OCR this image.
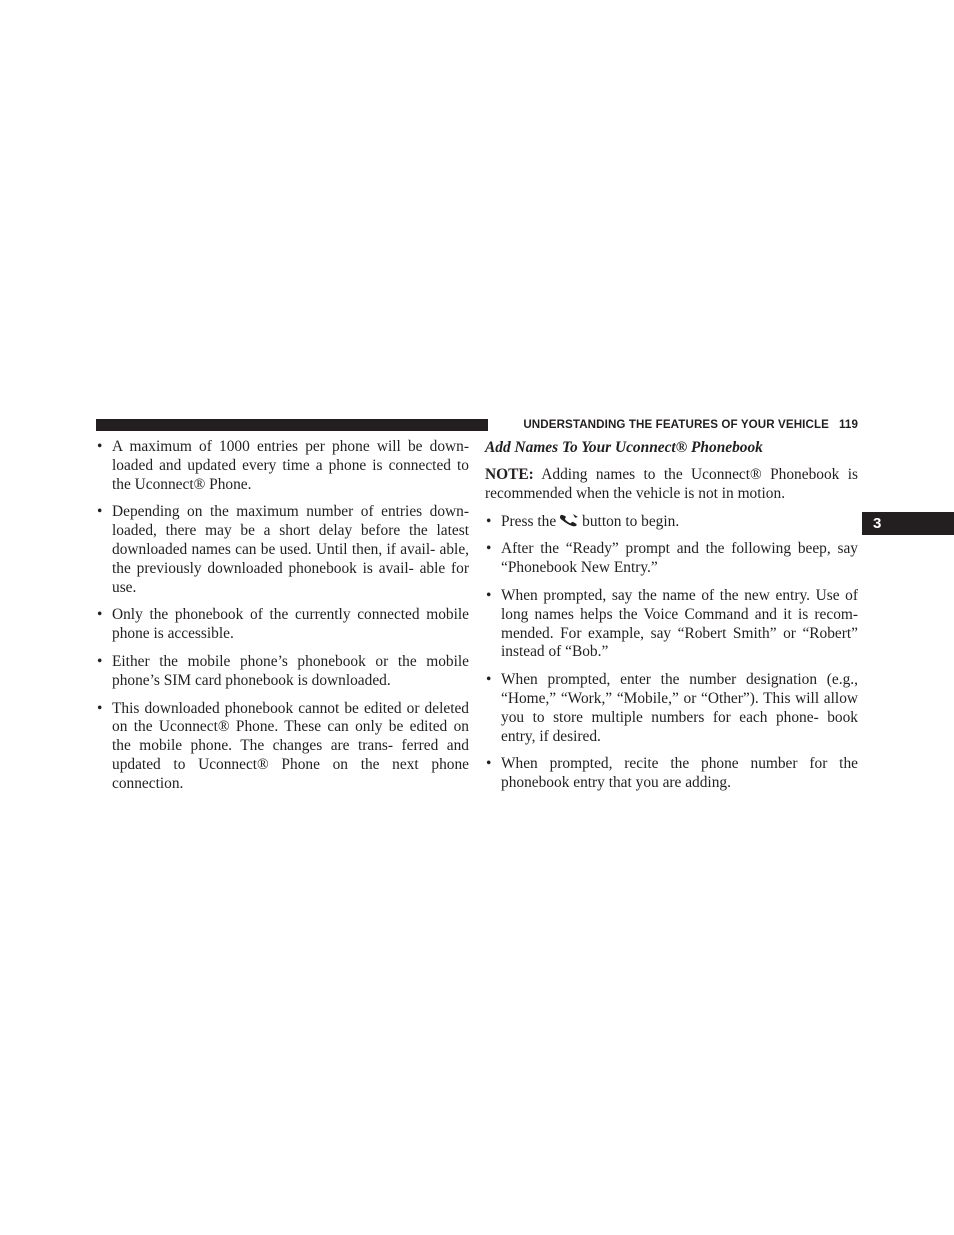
UNDERSTANDING THE FEATURES OF YOUR VEHICLE 119
3
• A maximum of 1000 entries per phone will be down- loaded and updated every time a phone is connected to the Uconnect® Phone.
• Depending on the maximum number of entries down- loaded, there may be a short delay before the latest downloaded names can be used. Until then, if avail- able, the previously downloaded phonebook is avail- able for use.
• Only the phonebook of the currently connected mobile phone is accessible.
• Either the mobile phone’s phonebook or the mobile phone’s SIM card phonebook is downloaded.
• This downloaded phonebook cannot be edited or deleted on the Uconnect® Phone. These can only be edited on the mobile phone. The changes are trans- ferred and updated to Uconnect® Phone on the next phone connection.
Add Names To Your Uconnect® Phonebook
NOTE: Adding names to the Uconnect® Phonebook is recommended when the vehicle is not in motion.
• Press the button to begin.
• After the “Ready” prompt and the following beep, say “Phonebook New Entry.”
• When prompted, say the name of the new entry. Use of long names helps the Voice Command and it is recom- mended. For example, say “Robert Smith” or “Robert” instead of “Bob.”
• When prompted, enter the number designation (e.g., “Home,” “Work,” “Mobile,” or “Other”). This will allow you to store multiple numbers for each phone- book entry, if desired.
• When prompted, recite the phone number for the phonebook entry that you are adding.
